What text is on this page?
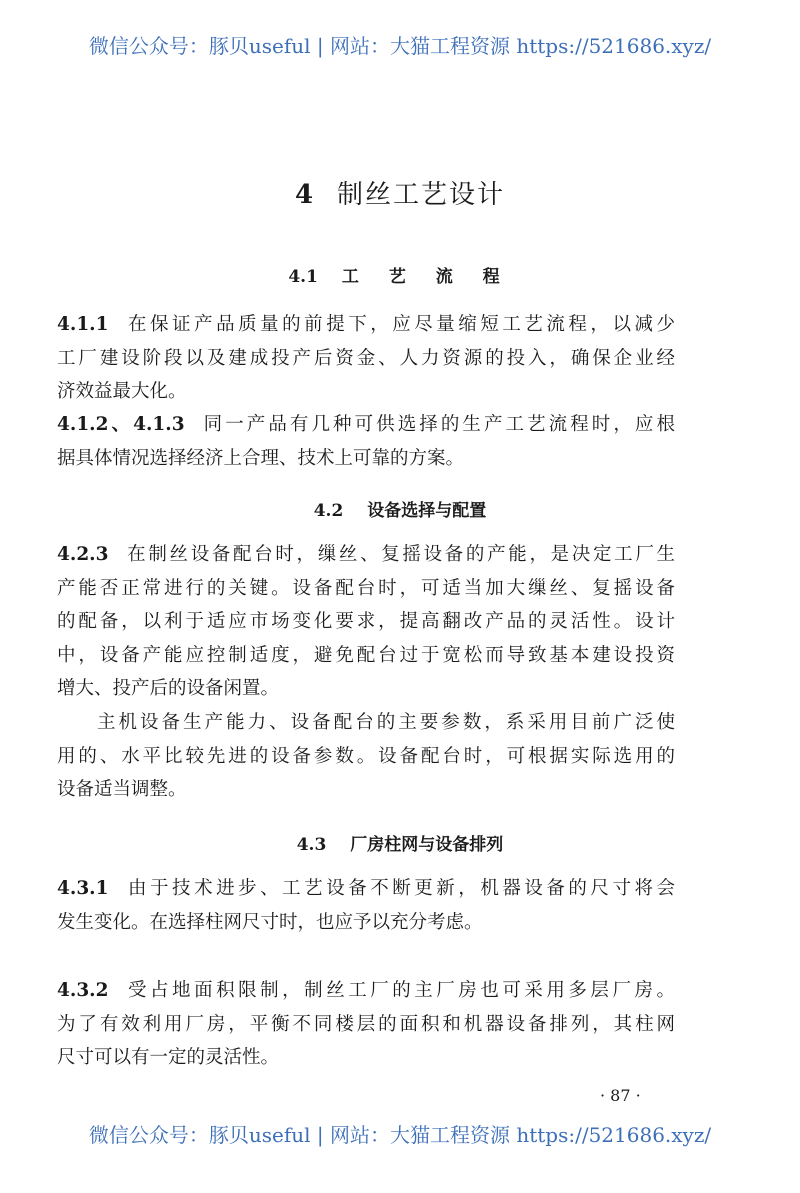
微信公众号：豚贝useful | 网站：大猫工程资源 https://521686.xyz/
4 制丝工艺设计
4.1 工 艺 流 程
4.1.1 在保证产品质量的前提下，应尽量缩短工艺流程，以减少
工厂建设阶段以及建成投产后资金、人力资源的投入，确保企业经
济效益最大化。
4.1.2、4.1.3 同一产品有几种可供选择的生产工艺流程时，应根
据具体情况选择经济上合理、技术上可靠的方案。
4.2 设备选择与配置
4.2.3 在制丝设备配台时，缫丝、复摇设备的产能，是决定工厂生
产能否正常进行的关键。设备配台时，可适当加大缫丝、复摇设备
的配备，以利于适应市场变化要求，提高翻改产品的灵活性。设计
中，设备产能应控制适度，避免配台过于宽松而导致基本建设投资
增大、投产后的设备闲置。
主机设备生产能力、设备配台的主要参数，系采用目前广泛使
用的、水平比较先进的设备参数。设备配台时，可根据实际选用的
设备适当调整。
4.3 厂房柱网与设备排列
4.3.1 由于技术进步、工艺设备不断更新，机器设备的尺寸将会
发生变化。在选择柱网尺寸时，也应予以充分考虑。
4.3.2 受占地面积限制，制丝工厂的主厂房也可采用多层厂房。
为了有效利用厂房，平衡不同楼层的面积和机器设备排列，其柱网
尺寸可以有一定的灵活性。
· 87 ·
微信公众号：豚贝useful | 网站：大猫工程资源 https://521686.xyz/
